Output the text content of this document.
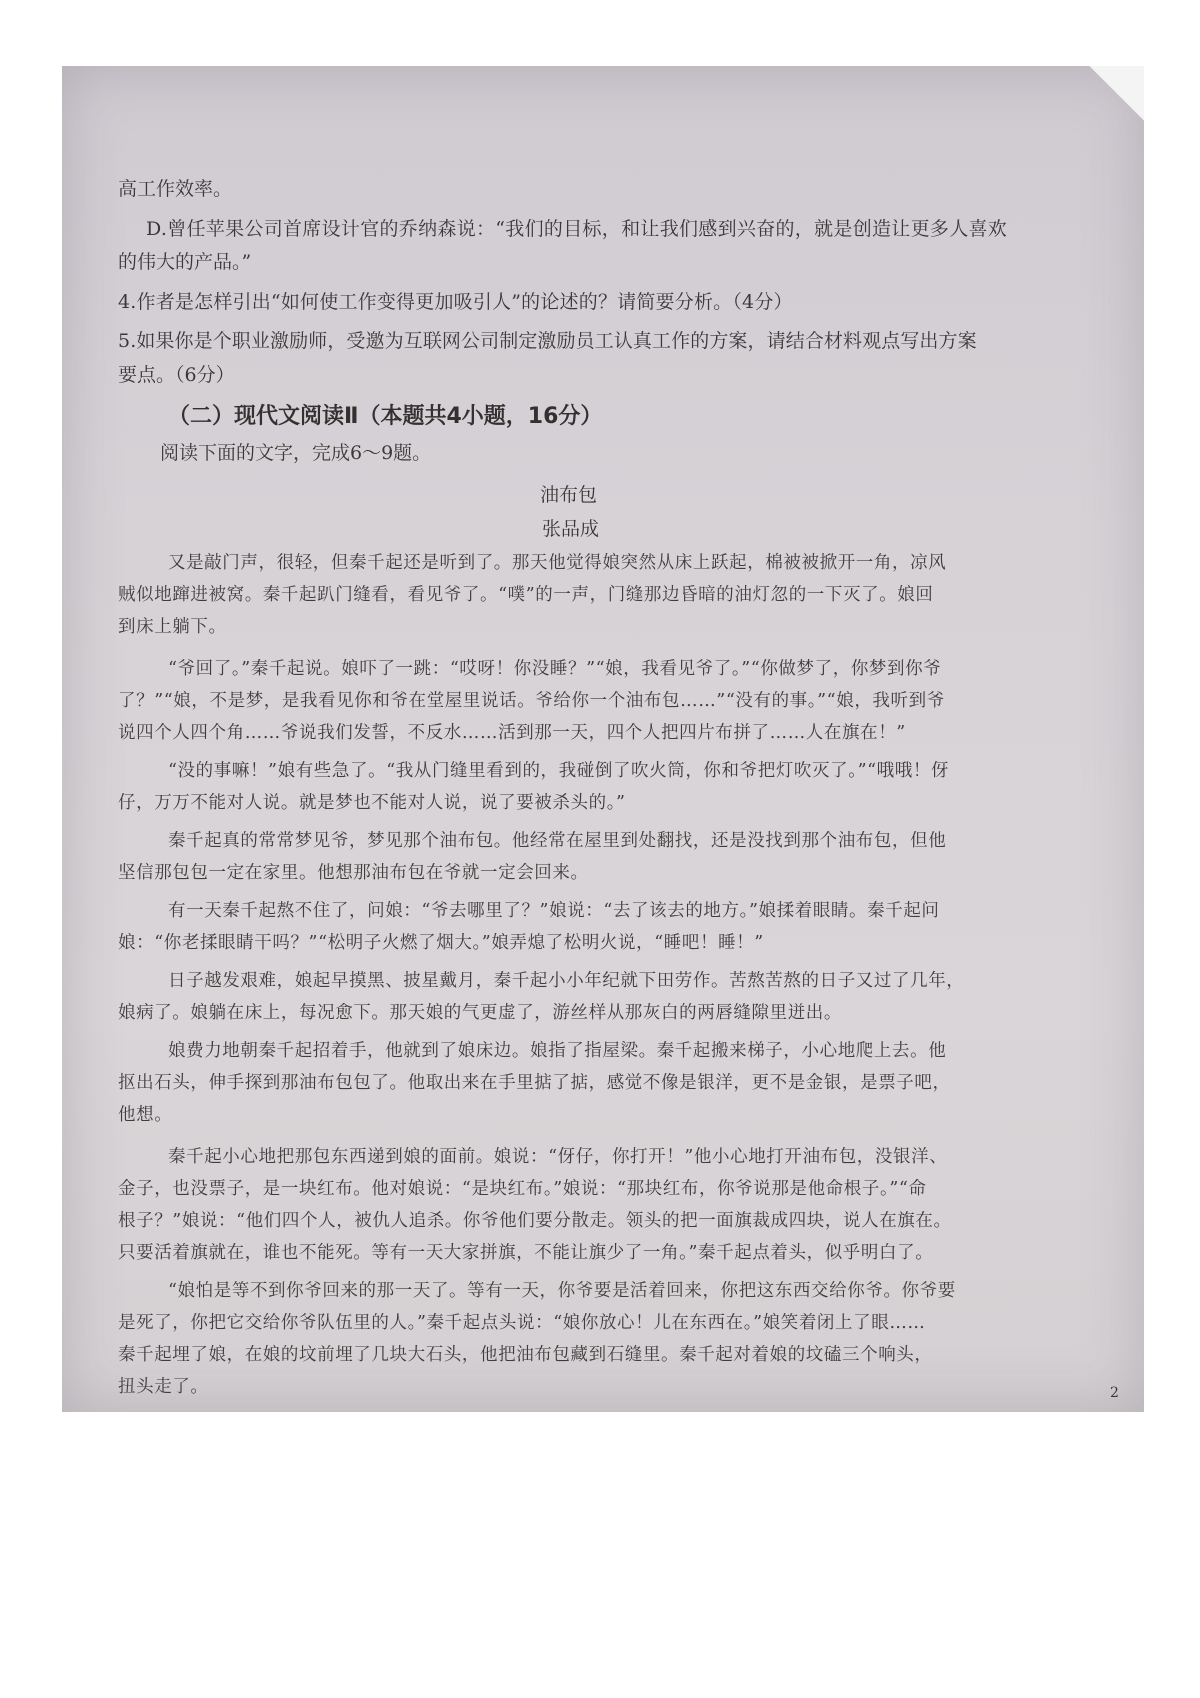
高工作效率。
D.曾任苹果公司首席设计官的乔纳森说：“我们的目标，和让我们感到兴奋的，就是创造让更多人喜欢
的伟大的产品。”
4.作者是怎样引出“如何使工作变得更加吸引人”的论述的？请简要分析。（4分）
5.如果你是个职业激励师，受邀为互联网公司制定激励员工认真工作的方案，请结合材料观点写出方案
要点。（6分）
（二）现代文阅读Ⅱ（本题共4小题，16分）
阅读下面的文字，完成6～9题。
油布包
张品成
又是敲门声，很轻，但秦千起还是听到了。那天他觉得娘突然从床上跃起，棉被被掀开一角，凉风
贼似地蹿进被窝。秦千起趴门缝看，看见爷了。“噗”的一声，门缝那边昏暗的油灯忽的一下灭了。娘回
到床上躺下。
“爷回了。”秦千起说。娘吓了一跳：“哎呀！你没睡？”“娘，我看见爷了。”“你做梦了，你梦到你爷
了？”“娘，不是梦，是我看见你和爷在堂屋里说话。爷给你一个油布包……”“没有的事。”“娘，我听到爷
说四个人四个角……爷说我们发誓，不反水……活到那一天，四个人把四片布拼了……人在旗在！”
“没的事嘛！”娘有些急了。“我从门缝里看到的，我碰倒了吹火筒，你和爷把灯吹灭了。”“哦哦！伢
仔，万万不能对人说。就是梦也不能对人说，说了要被杀头的。”
秦千起真的常常梦见爷，梦见那个油布包。他经常在屋里到处翻找，还是没找到那个油布包，但他
坚信那包包一定在家里。他想那油布包在爷就一定会回来。
有一天秦千起熬不住了，问娘：“爷去哪里了？”娘说：“去了该去的地方。”娘揉着眼睛。秦千起问
娘：“你老揉眼睛干吗？”“松明子火燃了烟大。”娘弄熄了松明火说，“睡吧！睡！”
日子越发艰难，娘起早摸黑、披星戴月，秦千起小小年纪就下田劳作。苦熬苦熬的日子又过了几年，
娘病了。娘躺在床上，每况愈下。那天娘的气更虚了，游丝样从那灰白的两唇缝隙里迸出。
娘费力地朝秦千起招着手，他就到了娘床边。娘指了指屋梁。秦千起搬来梯子，小心地爬上去。他
抠出石头，伸手探到那油布包包了。他取出来在手里掂了掂，感觉不像是银洋，更不是金银，是票子吧，
他想。
秦千起小心地把那包东西递到娘的面前。娘说：“伢仔，你打开！”他小心地打开油布包，没银洋、
金子，也没票子，是一块红布。他对娘说：“是块红布。”娘说：“那块红布，你爷说那是他命根子。”“命
根子？”娘说：“他们四个人，被仇人追杀。你爷他们要分散走。领头的把一面旗裁成四块，说人在旗在。
只要活着旗就在，谁也不能死。等有一天大家拼旗，不能让旗少了一角。”秦千起点着头，似乎明白了。
“娘怕是等不到你爷回来的那一天了。等有一天，你爷要是活着回来，你把这东西交给你爷。你爷要
是死了，你把它交给你爷队伍里的人。”秦千起点头说：“娘你放心！儿在东西在。”娘笑着闭上了眼……
秦千起埋了娘，在娘的坟前埋了几块大石头，他把油布包藏到石缝里。秦千起对着娘的坟磕三个响头，
扭头走了。	2
